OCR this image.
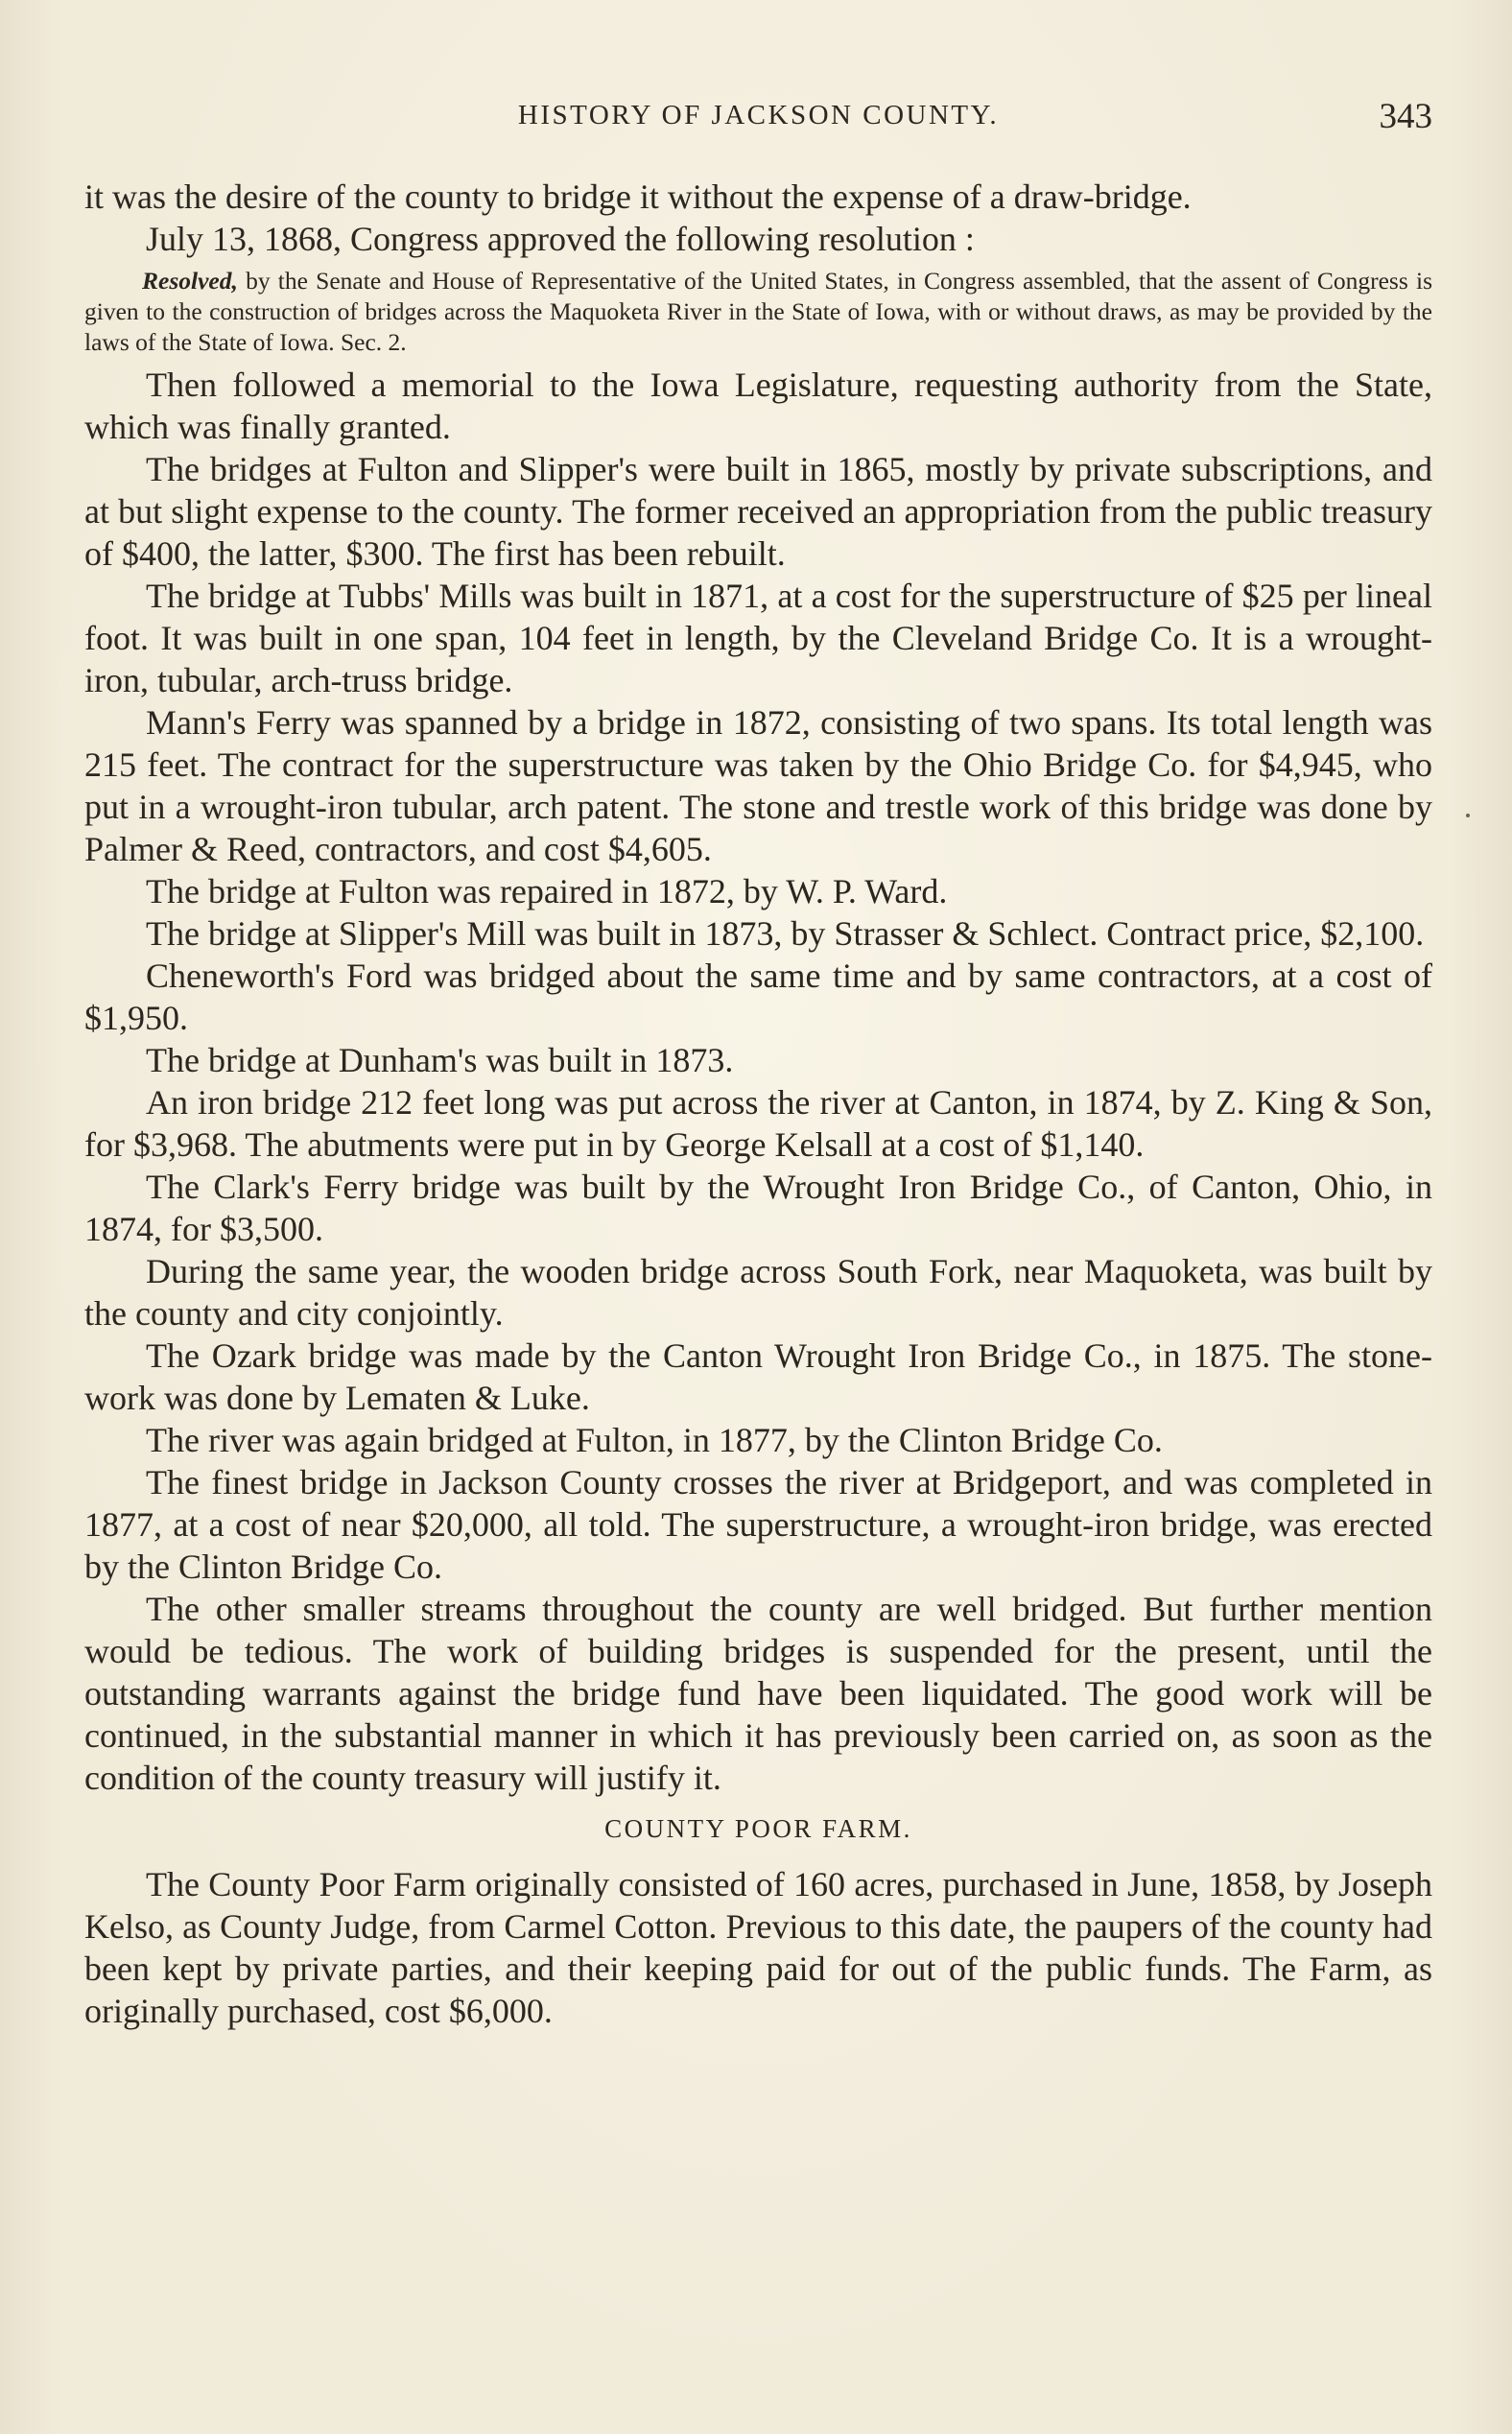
HISTORY OF JACKSON COUNTY.	343

it was the desire of the county to bridge it without the expense of a draw-bridge.

July 13, 1868, Congress approved the following resolution :

Resolved, by the Senate and House of Representative of the United States, in Congress assembled, that the assent of Congress is given to the construction of bridges across the Maquoketa River in the State of Iowa, with or without draws, as may be provided by the laws of the State of Iowa. Sec. 2.

Then followed a memorial to the Iowa Legislature, requesting authority from the State, which was finally granted.

The bridges at Fulton and Slipper's were built in 1865, mostly by private subscriptions, and at but slight expense to the county. The former received an appropriation from the public treasury of $400, the latter, $300. The first has been rebuilt.

The bridge at Tubbs' Mills was built in 1871, at a cost for the superstructure of $25 per lineal foot. It was built in one span, 104 feet in length, by the Cleveland Bridge Co. It is a wrought-iron, tubular, arch-truss bridge.

Mann's Ferry was spanned by a bridge in 1872, consisting of two spans. Its total length was 215 feet. The contract for the superstructure was taken by the Ohio Bridge Co. for $4,945, who put in a wrought-iron tubular, arch patent. The stone and trestle work of this bridge was done by Palmer & Reed, contractors, and cost $4,605.

The bridge at Fulton was repaired in 1872, by W. P. Ward.

The bridge at Slipper's Mill was built in 1873, by Strasser & Schlect. Contract price, $2,100.

Cheneworth's Ford was bridged about the same time and by same contractors, at a cost of $1,950.

The bridge at Dunham's was built in 1873.

An iron bridge 212 feet long was put across the river at Canton, in 1874, by Z. King & Son, for $3,968. The abutments were put in by George Kelsall at a cost of $1,140.

The Clark's Ferry bridge was built by the Wrought Iron Bridge Co., of Canton, Ohio, in 1874, for $3,500.

During the same year, the wooden bridge across South Fork, near Maquoketa, was built by the county and city conjointly.

The Ozark bridge was made by the Canton Wrought Iron Bridge Co., in 1875. The stone-work was done by Lematen & Luke.

The river was again bridged at Fulton, in 1877, by the Clinton Bridge Co.

The finest bridge in Jackson County crosses the river at Bridgeport, and was completed in 1877, at a cost of near $20,000, all told. The superstructure, a wrought-iron bridge, was erected by the Clinton Bridge Co.

The other smaller streams throughout the county are well bridged. But further mention would be tedious. The work of building bridges is suspended for the present, until the outstanding warrants against the bridge fund have been liquidated. The good work will be continued, in the substantial manner in which it has previously been carried on, as soon as the condition of the county treasury will justify it.

COUNTY POOR FARM.

The County Poor Farm originally consisted of 160 acres, purchased in June, 1858, by Joseph Kelso, as County Judge, from Carmel Cotton. Previous to this date, the paupers of the county had been kept by private parties, and their keeping paid for out of the public funds. The Farm, as originally purchased, cost $6,000.
